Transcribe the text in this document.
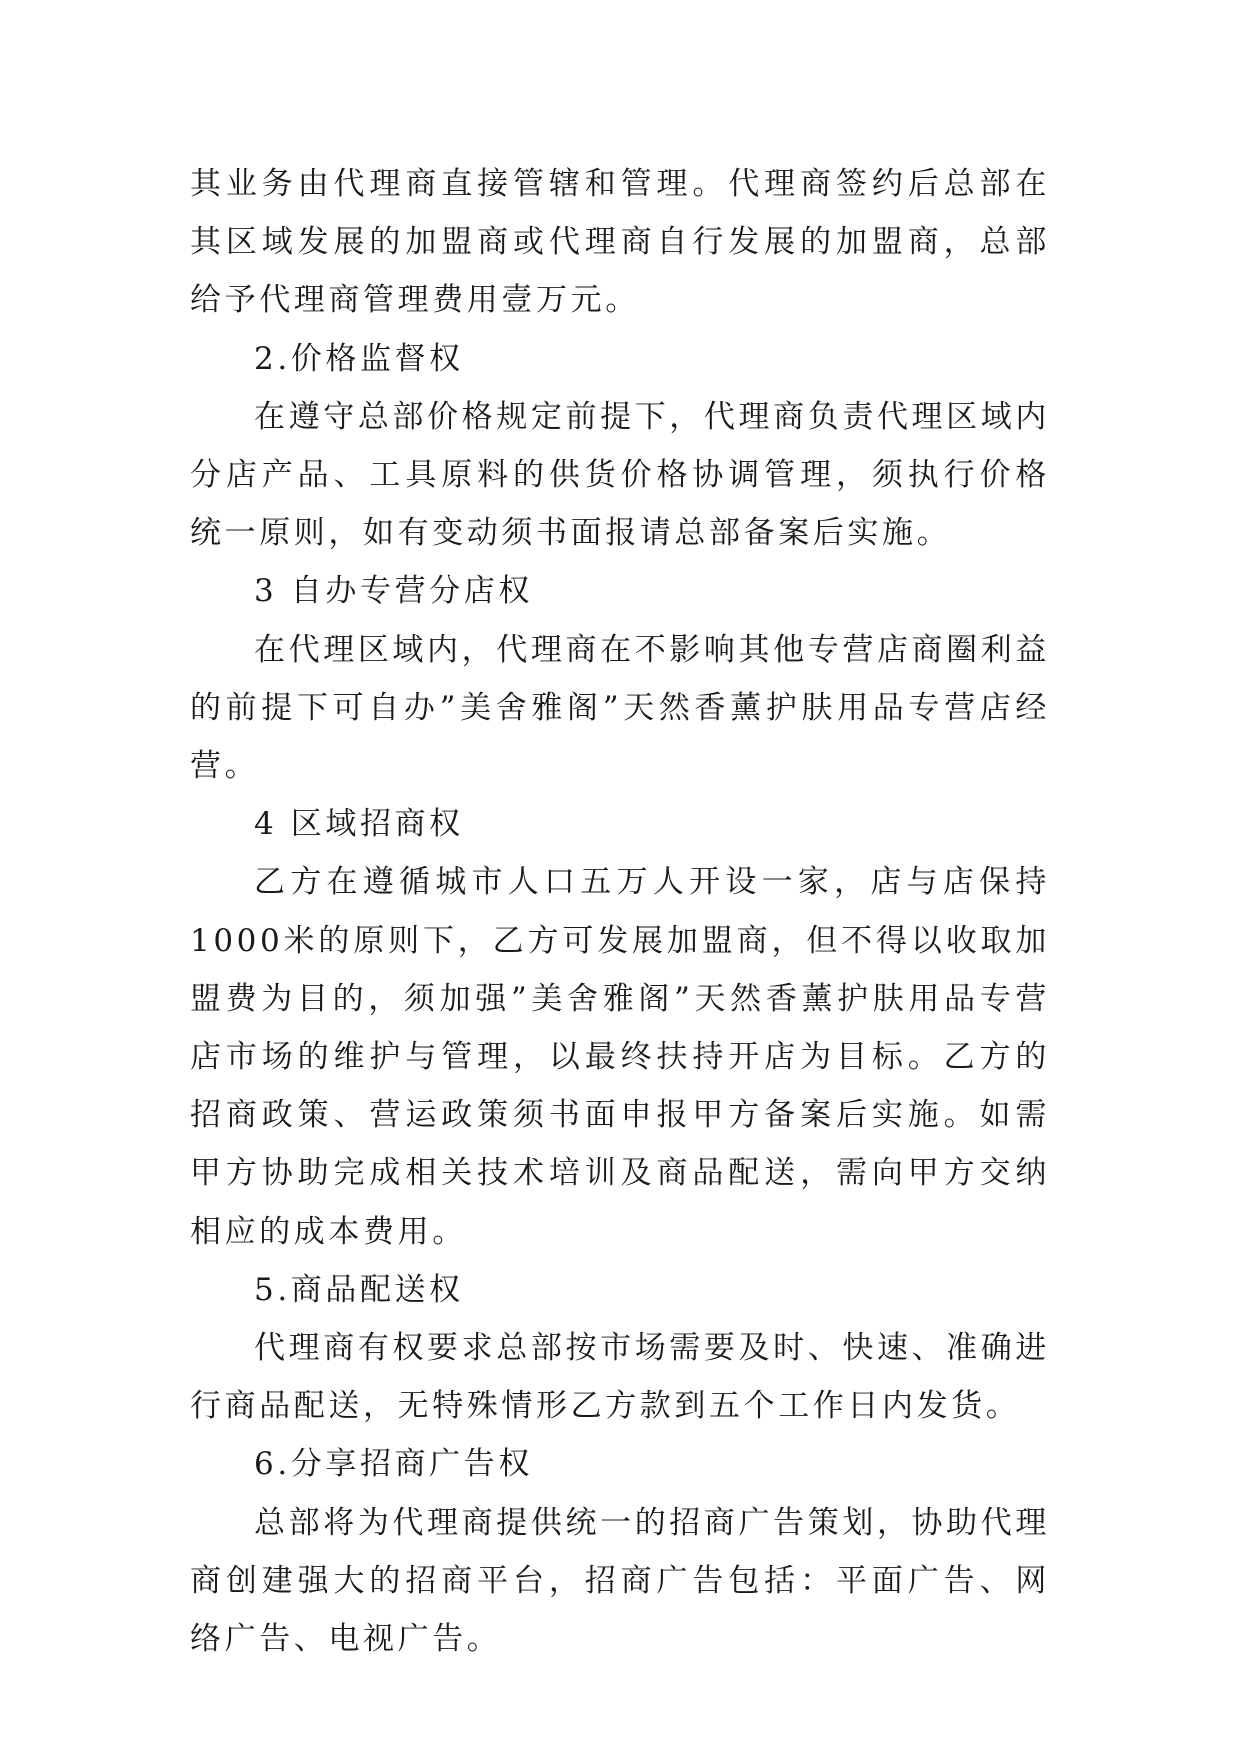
其业务由代理商直接管辖和管理。代理商签约后总部在其区域发展的加盟商或代理商自行发展的加盟商，总部给予代理商管理费用壹万元。

2.价格监督权

在遵守总部价格规定前提下，代理商负责代理区域内分店产品、工具原料的供货价格协调管理，须执行价格统一原则，如有变动须书面报请总部备案后实施。

3 自办专营分店权

在代理区域内，代理商在不影响其他专营店商圈利益的前提下可自办”美舍雅阁”天然香薰护肤用品专营店经营。

4 区域招商权

乙方在遵循城市人口五万人开设一家，店与店保持 1000米的原则下，乙方可发展加盟商，但不得以收取加盟费为目的，须加强”美舍雅阁”天然香薰护肤用品专营店市场的维护与管理，以最终扶持开店为目标。乙方的招商政策、营运政策须书面申报甲方备案后实施。如需甲方协助完成相关技术培训及商品配送，需向甲方交纳相应的成本费用。

5.商品配送权

代理商有权要求总部按市场需要及时、快速、准确进行商品配送，无特殊情形乙方款到五个工作日内发货。

6.分享招商广告权

总部将为代理商提供统一的招商广告策划，协助代理商创建强大的招商平台，招商广告包括：平面广告、网络广告、电视广告。
